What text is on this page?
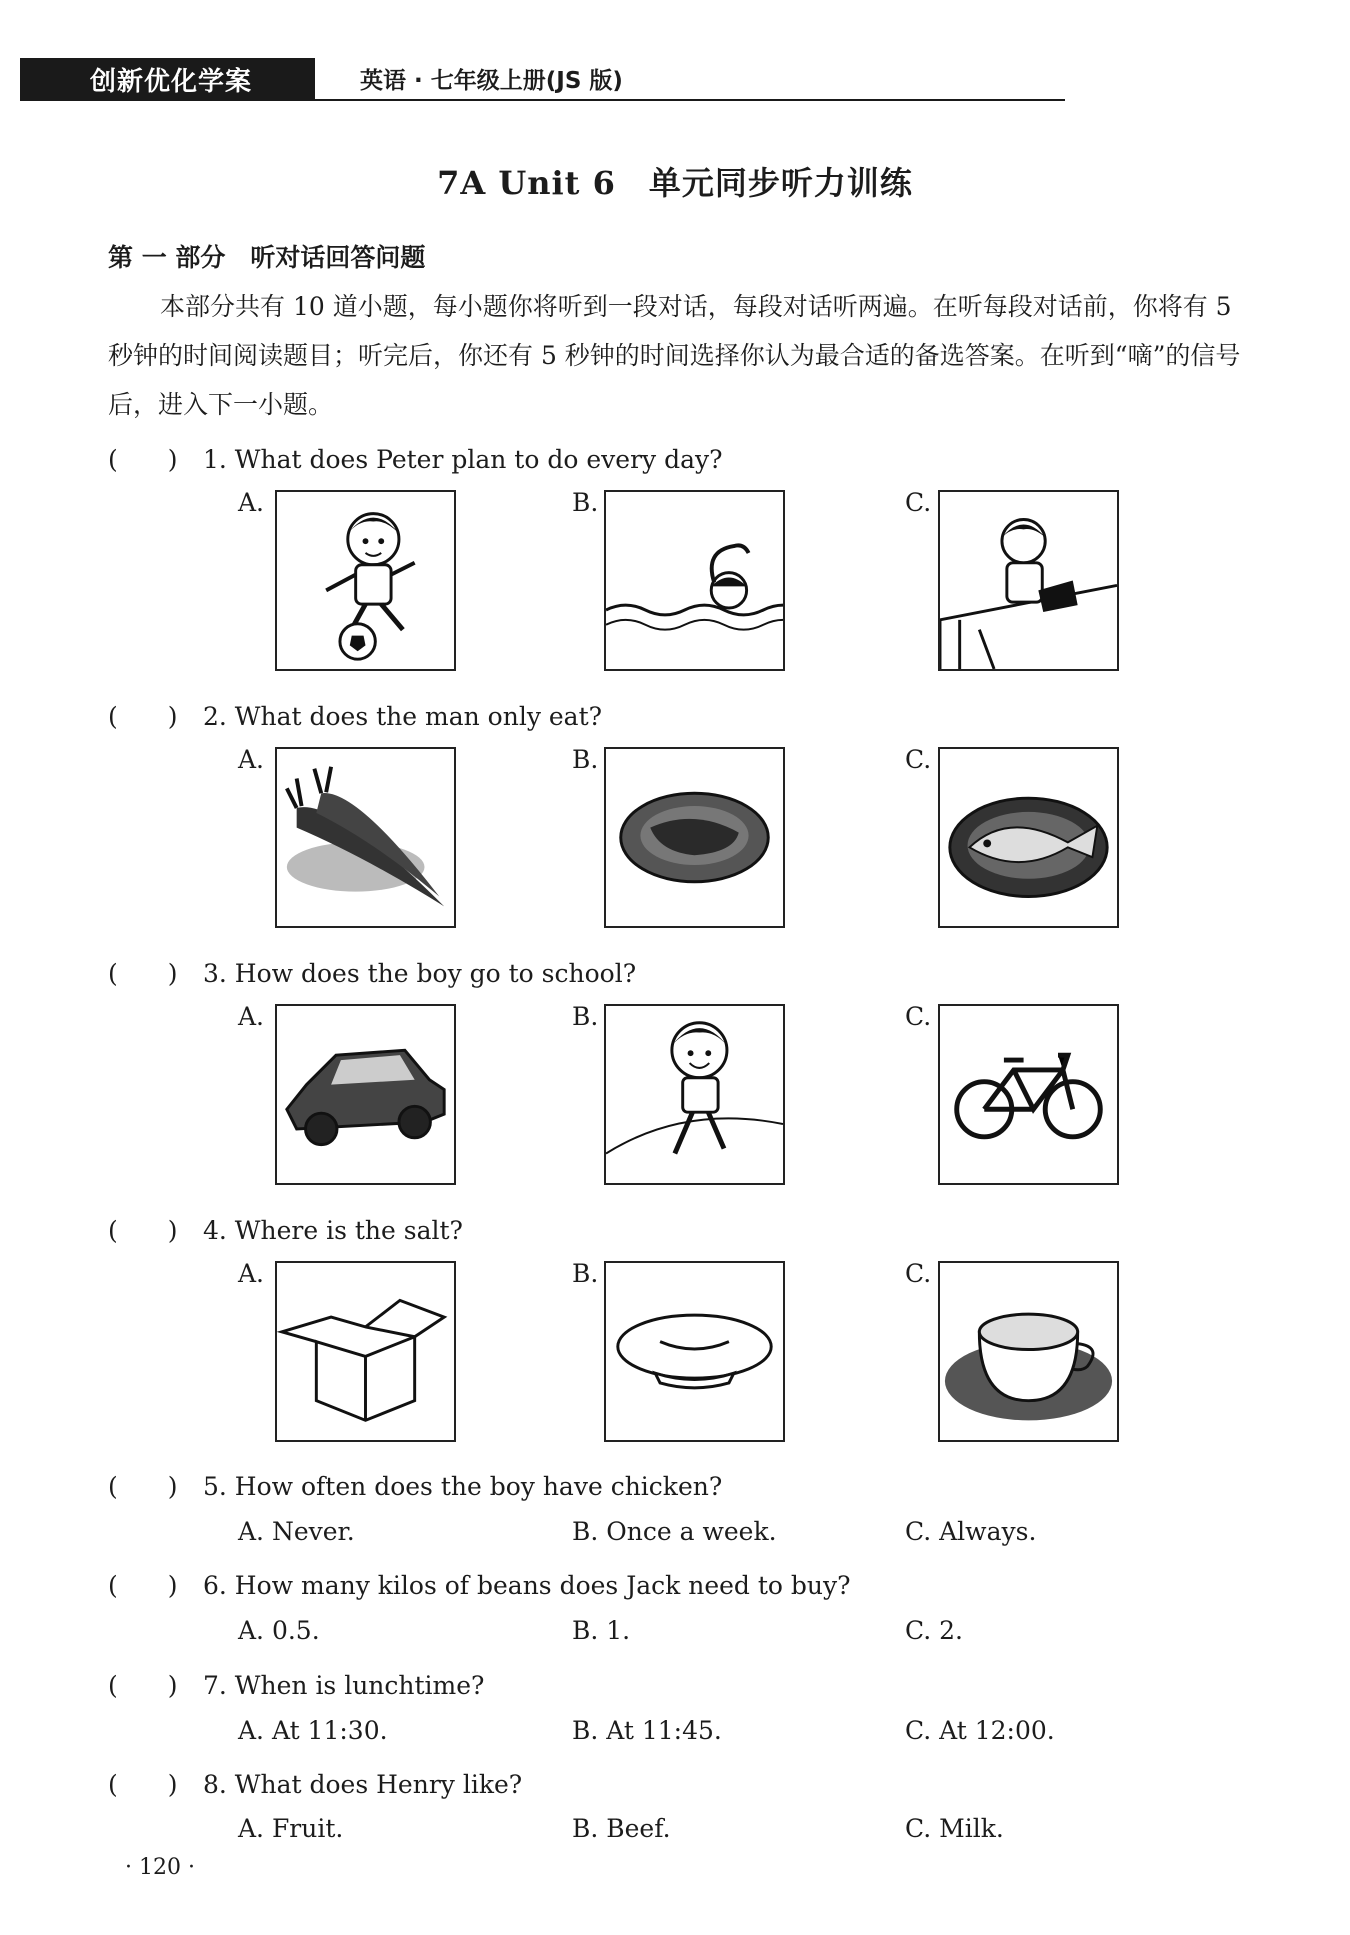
创新优化学案	英语 · 七年级上册(JS 版)
7A Unit 6　单元同步听力训练
第 一 部分　听对话回答问题
本部分共有 10 道小题，每小题你将听到一段对话，每段对话听两遍。在听每段对话前，你将有 5 秒钟的时间阅读题目；听完后，你还有 5 秒钟的时间选择你认为最合适的备选答案。在听到“嘀”的信号后，进入下一小题。
(　　) 1. What does Peter plan to do every day?
A.	B.	C.
(　　) 2. What does the man only eat?
A.	B.	C.
(　　) 3. How does the boy go to school?
A.	B.	C.
(　　) 4. Where is the salt?
A.	B.	C.
(　　) 5. How often does the boy have chicken?
A. Never.	B. Once a week.	C. Always.
(　　) 6. How many kilos of beans does Jack need to buy?
A. 0.5.	B. 1.	C. 2.
(　　) 7. When is lunchtime?
A. At 11:30.	B. At 11:45.	C. At 12:00.
(　　) 8. What does Henry like?
A. Fruit.	B. Beef.	C. Milk.
· 120 ·
